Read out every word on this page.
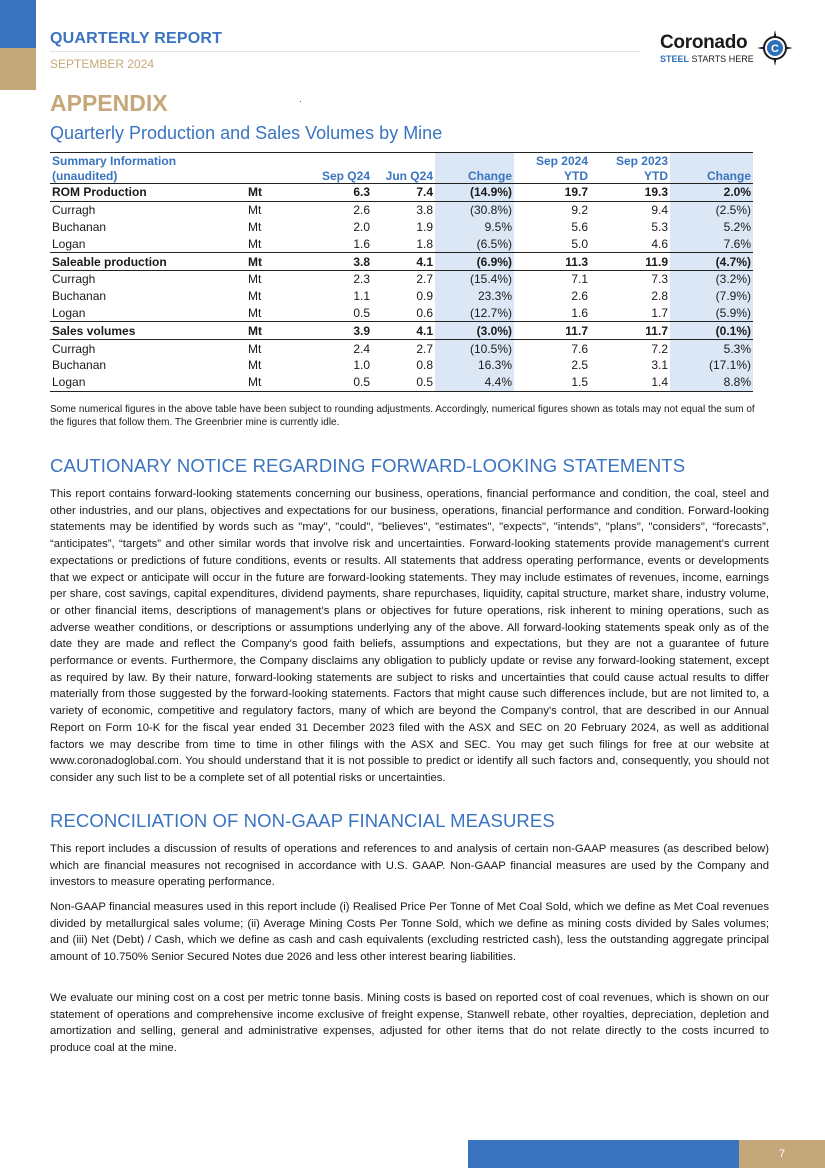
QUARTERLY REPORT
SEPTEMBER 2024
Coronado
STEEL STARTS HERE
C
APPENDIX
Quarterly Production and Sales Volumes by Mine
Summary Information					Sep 2024	Sep 2023	
(unaudited)		Sep Q24	Jun Q24	Change	YTD	YTD	Change
ROM Production	Mt	6.3	7.4	(14.9%)	19.7	19.3	2.0%
Curragh	Mt	2.6	3.8	(30.8%)	9.2	9.4	(2.5%)
Buchanan	Mt	2.0	1.9	9.5%	5.6	5.3	5.2%
Logan	Mt	1.6	1.8	(6.5%)	5.0	4.6	7.6%
Saleable production	Mt	3.8	4.1	(6.9%)	11.3	11.9	(4.7%)
Curragh	Mt	2.3	2.7	(15.4%)	7.1	7.3	(3.2%)
Buchanan	Mt	1.1	0.9	23.3%	2.6	2.8	(7.9%)
Logan	Mt	0.5	0.6	(12.7%)	1.6	1.7	(5.9%)
Sales volumes	Mt	3.9	4.1	(3.0%)	11.7	11.7	(0.1%)
Curragh	Mt	2.4	2.7	(10.5%)	7.6	7.2	5.3%
Buchanan	Mt	1.0	0.8	16.3%	2.5	3.1	(17.1%)
Logan	Mt	0.5	0.5	4.4%	1.5	1.4	8.8%
Some numerical figures in the above table have been subject to rounding adjustments. Accordingly, numerical figures shown as totals may not equal the sum of the figures that follow them. The Greenbrier mine is currently idle.
CAUTIONARY NOTICE REGARDING FORWARD-LOOKING STATEMENTS
This report contains forward-looking statements concerning our business, operations, financial performance and condition, the coal, steel and other industries, and our plans, objectives and expectations for our business, operations, financial performance and condition. Forward-looking statements may be identified by words such as "may", "could", "believes", "estimates", "expects", "intends", "plans", "considers", “forecasts”, “anticipates”, “targets” and other similar words that involve risk and uncertainties. Forward-looking statements provide management's current expectations or predictions of future conditions, events or results. All statements that address operating performance, events or developments that we expect or anticipate will occur in the future are forward-looking statements. They may include estimates of revenues, income, earnings per share, cost savings, capital expenditures, dividend payments, share repurchases, liquidity, capital structure, market share, industry volume, or other financial items, descriptions of management’s plans or objectives for future operations, risk inherent to mining operations, such as adverse weather conditions, or descriptions or assumptions underlying any of the above. All forward-looking statements speak only as of the date they are made and reflect the Company's good faith beliefs, assumptions and expectations, but they are not a guarantee of future performance or events. Furthermore, the Company disclaims any obligation to publicly update or revise any forward-looking statement, except as required by law. By their nature, forward-looking statements are subject to risks and uncertainties that could cause actual results to differ materially from those suggested by the forward-looking statements. Factors that might cause such differences include, but are not limited to, a variety of economic, competitive and regulatory factors, many of which are beyond the Company's control, that are described in our Annual Report on Form 10-K for the fiscal year ended 31 December 2023 filed with the ASX and SEC on 20 February 2024, as well as additional factors we may describe from time to time in other filings with the ASX and SEC. You may get such filings for free at our website at www.coronadoglobal.com. You should understand that it is not possible to predict or identify all such factors and, consequently, you should not consider any such list to be a complete set of all potential risks or uncertainties.
RECONCILIATION OF NON-GAAP FINANCIAL MEASURES
This report includes a discussion of results of operations and references to and analysis of certain non-GAAP measures (as described below) which are financial measures not recognised in accordance with U.S. GAAP. Non-GAAP financial measures are used by the Company and investors to measure operating performance.
Non-GAAP financial measures used in this report include (i) Realised Price Per Tonne of Met Coal Sold, which we define as Met Coal revenues divided by metallurgical sales volume; (ii) Average Mining Costs Per Tonne Sold, which we define as mining costs divided by Sales volumes; and (iii) Net (Debt) / Cash, which we define as cash and cash equivalents (excluding restricted cash), less the outstanding aggregate principal amount of 10.750% Senior Secured Notes due 2026 and less other interest bearing liabilities.
We evaluate our mining cost on a cost per metric tonne basis. Mining costs is based on reported cost of coal revenues, which is shown on our statement of operations and comprehensive income exclusive of freight expense, Stanwell rebate, other royalties, depreciation, depletion and amortization and selling, general and administrative expenses, adjusted for other items that do not relate directly to the costs incurred to produce coal at the mine.
7
